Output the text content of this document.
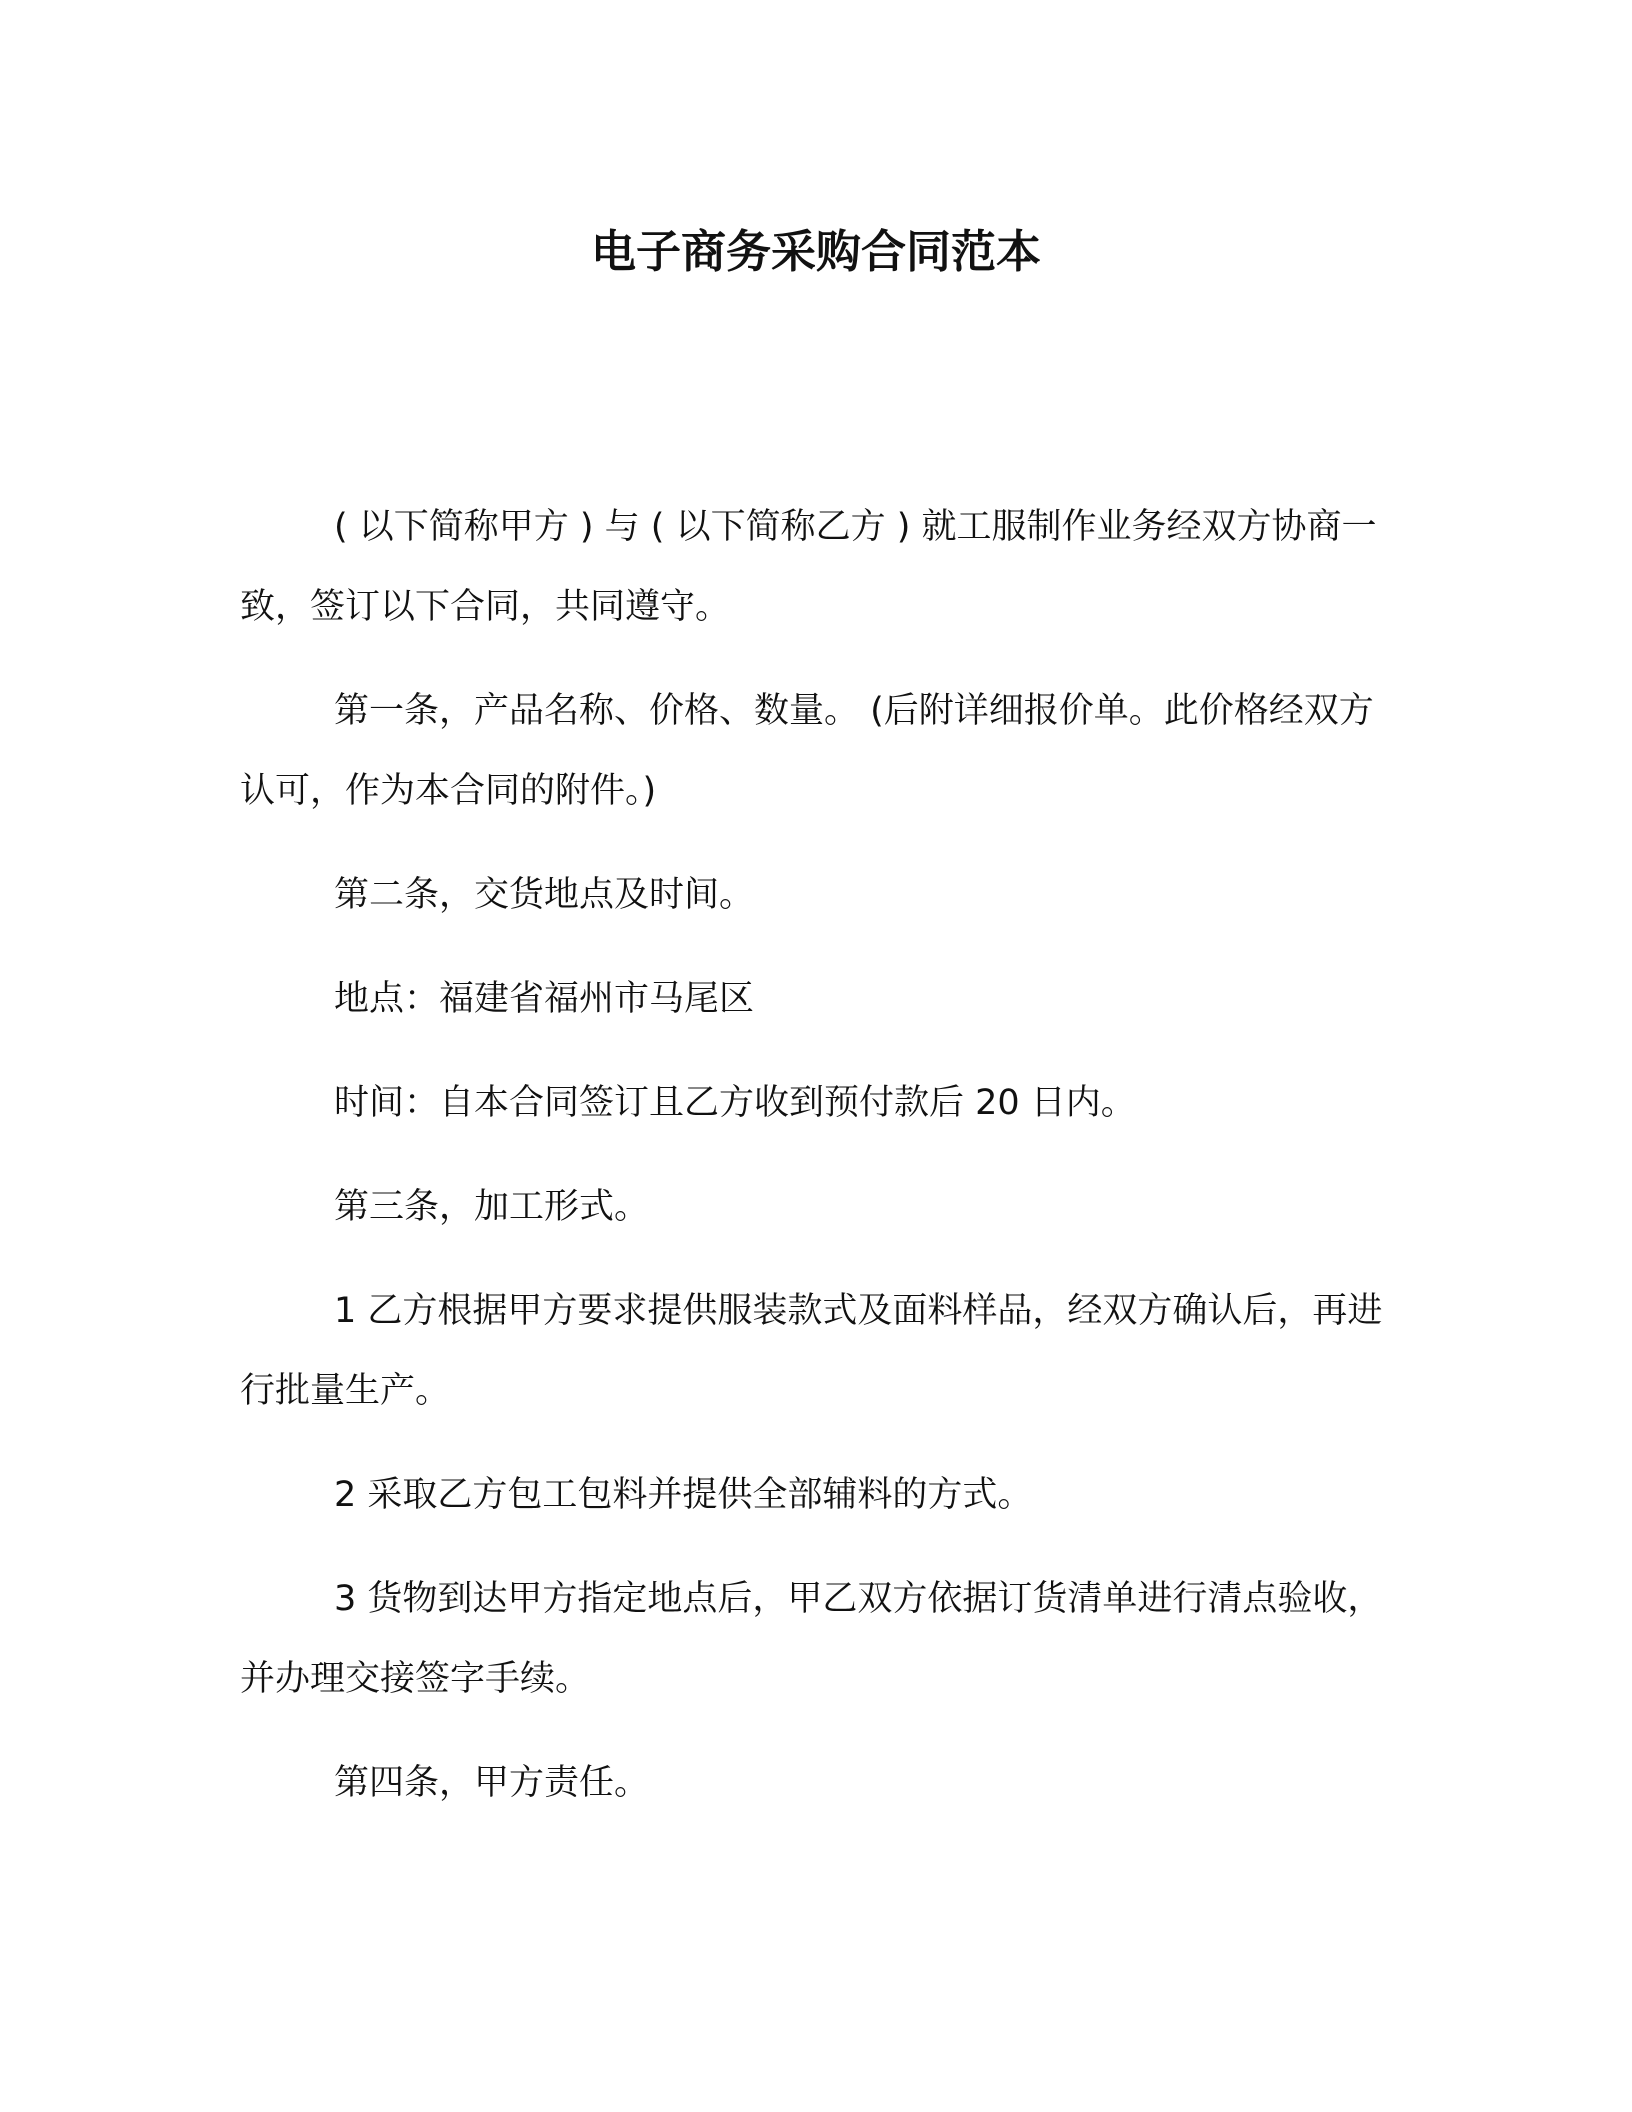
电子商务采购合同范本

( 以下简称甲方 ) 与 ( 以下简称乙方 ) 就工服制作业务经双方协商一致，签订以下合同，共同遵守。

第一条，产品名称、价格、数量。 (后附详细报价单。此价格经双方认可，作为本合同的附件。)

第二条，交货地点及时间。

地点：福建省福州市马尾区

时间：自本合同签订且乙方收到预付款后 20 日内。

第三条，加工形式。

1 乙方根据甲方要求提供服装款式及面料样品，经双方确认后，再进行批量生产。

2 采取乙方包工包料并提供全部辅料的方式。

3 货物到达甲方指定地点后，甲乙双方依据订货清单进行清点验收，并办理交接签字手续。

第四条，甲方责任。
